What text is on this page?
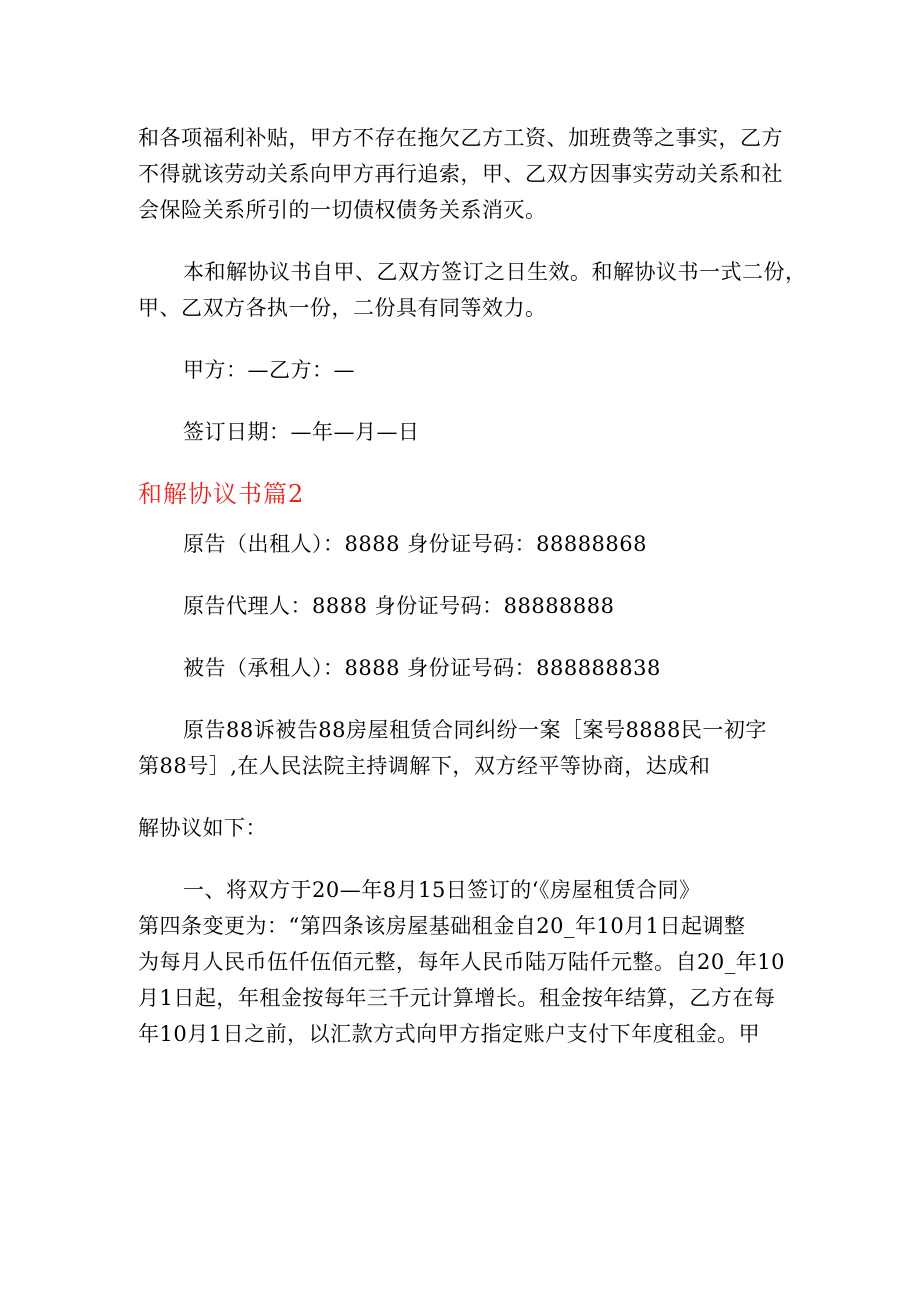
和各项福利补贴，甲方不存在拖欠乙方工资、加班费等之事实，乙方
不得就该劳动关系向甲方再行追索，甲、乙双方因事实劳动关系和社
会保险关系所引的一切债权债务关系消灭。
本和解协议书自甲、乙双方签订之日生效。和解协议书一式二份，
甲、乙双方各执一份，二份具有同等效力。
甲方：—乙方：—
签订日期：—年—月—日
和解协议书篇2
原告（出租人）：8888 身份证号码：88888868
原告代理人：8888 身份证号码：88888888
被告（承租人）：8888 身份证号码：888888838
原告88诉被告88房屋租赁合同纠纷一案［案号8888民一初字
第88号］,在人民法院主持调解下，双方经平等协商，达成和
解协议如下：
一、将双方于20—年8月15日签订的‘《房屋租赁合同》
第四条变更为：“第四条该房屋基础租金自20_年10月1日起调整
为每月人民币伍仟伍佰元整，每年人民币陆万陆仟元整。自20_年10
月1日起，年租金按每年三千元计算增长。租金按年结算，乙方在每
年10月1日之前，以汇款方式向甲方指定账户支付下年度租金。甲
